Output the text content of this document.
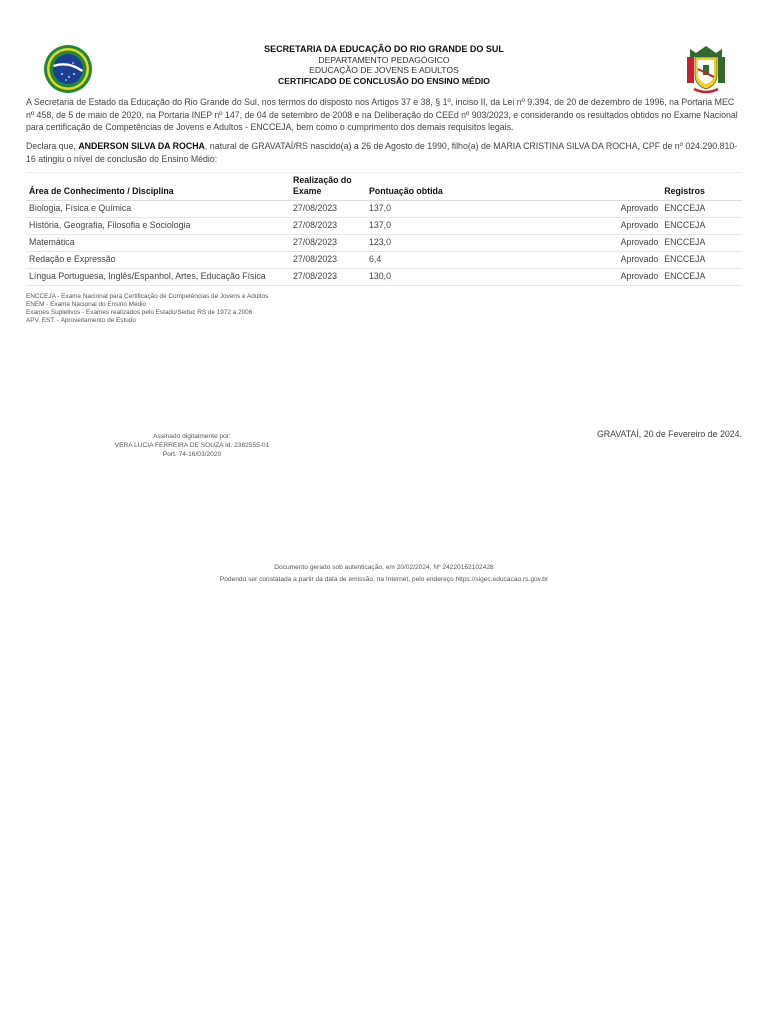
SECRETARIA DA EDUCAÇÃO DO RIO GRANDE DO SUL
DEPARTAMENTO PEDAGÓGICO
EDUCAÇÃO DE JOVENS E ADULTOS
CERTIFICADO DE CONCLUSÃO DO ENSINO MÉDIO
A Secretaria de Estado da Educação do Rio Grande do Sul, nos termos do disposto nos Artigos 37 e 38, § 1º, inciso II, da Lei nº 9.394, de 20 de dezembro de 1996, na Portaria MEC nº 458, de 5 de maio de 2020, na Portaria INEP nº 147, de 04 de setembro de 2008 e na Deliberação do CEEd nº 903/2023, e considerando os resultados obtidos no Exame Nacional para certificação de Competências de Jovens e Adultos - ENCCEJA, bem como o cumprimento dos demais requisitos legais.
Declara que, ANDERSON SILVA DA ROCHA, natural de GRAVATAÍ/RS nascido(a) a 26 de Agosto de 1990, filho(a) de MARIA CRISTINA SILVA DA ROCHA, CPF de nº 024.290.810-16 atingiu o nível de conclusão do Ensino Médio:
Área de Conhecimento / Disciplina	Realização do Exame	Pontuação obtida		Registros	
Biologia, Física e Química	27/08/2023	137,0	Aprovado	ENCCEJA	
História, Geografia, Filosofia e Sociologia	27/08/2023	137,0	Aprovado	ENCCEJA	
Matemática	27/08/2023	123,0	Aprovado	ENCCEJA	
Redação e Expressão	27/08/2023	6,4	Aprovado	ENCCEJA	
Língua Portuguesa, Inglês/Espanhol, Artes, Educação Física	27/08/2023	130,0	Aprovado	ENCCEJA	
ENCCEJA - Exame Nacional para Certificação de Competências de Jovens e Adultos
ENEM - Exame Nacional do Ensino Médio
Exames Supletivos - Exames realizados pelo Estado/Seduc RS de 1972 a 2006
APV. EST. - Aproveitamento de Estudo
Assinado digitalmente por:
VERA LUCIA FERREIRA DE SOUZA Id. 2382555-01
Port. 74-16/03/2020
GRAVATAÍ, 20 de Fevereiro de 2024.
Documento gerado sob autenticação, em 20/02/2024, Nº 24220152102428
Podendo ser constatada a partir da data de emissão, na Internet, pelo endereço https://sigec.educacao.rs.gov.br
